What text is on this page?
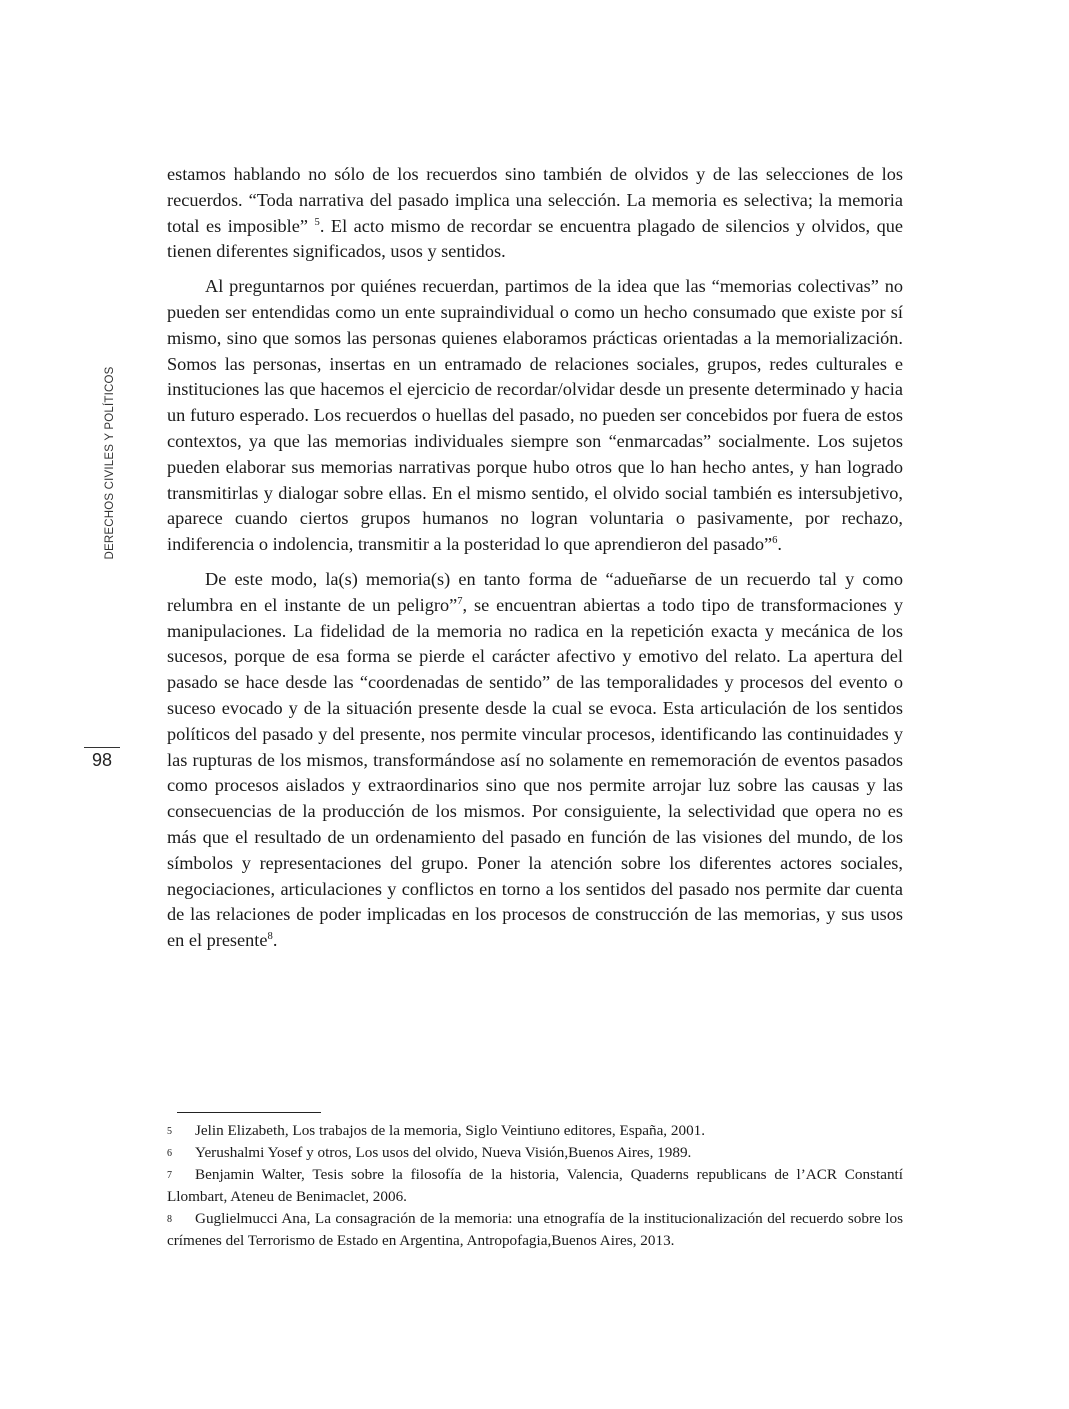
DERECHOS CIVILES Y POLÍTICOS
98

estamos hablando no sólo de los recuerdos sino también de olvidos y de las selecciones de los recuerdos. “Toda narrativa del pasado implica una selección. La memoria es selectiva; la memoria total es imposible” $^5$. El acto mismo de recordar se encuentra plagado de silencios y olvidos, que tienen diferentes significados, usos y sentidos.

Al preguntarnos por quiénes recuerdan, partimos de la idea que las “memorias colectivas” no pueden ser entendidas como un ente supraindividual o como un hecho consumado que existe por sí mismo, sino que somos las personas quienes elaboramos prácticas orientadas a la memorialización. Somos las personas, insertas en un entramado de relaciones sociales, grupos, redes culturales e instituciones las que hacemos el ejercicio de recordar/olvidar desde un presente determinado y hacia un futuro esperado. Los recuerdos o huellas del pasado, no pueden ser concebidos por fuera de estos contextos, ya que las memorias individuales siempre son “enmarcadas” socialmente. Los sujetos pueden elaborar sus memorias narrativas porque hubo otros que lo han hecho antes, y han logrado transmitirlas y dialogar sobre ellas. En el mismo sentido, el olvido social también es intersubjetivo, aparece cuando ciertos grupos humanos no logran voluntaria o pasivamente, por rechazo, indiferencia o indolencia, transmitir a la posteridad lo que aprendieron del pasado”$^6$.

De este modo, la(s) memoria(s) en tanto forma de “adueñarse de un recuerdo tal y como relumbra en el instante de un peligro”$^7$, se encuentran abiertas a todo tipo de transformaciones y manipulaciones. La fidelidad de la memoria no radica en la repetición exacta y mecánica de los sucesos, porque de esa forma se pierde el carácter afectivo y emotivo del relato. La apertura del pasado se hace desde las “coordenadas de sentido” de las temporalidades y procesos del evento o suceso evocado y de la situación presente desde la cual se evoca. Esta articulación de los sentidos políticos del pasado y del presente, nos permite vincular procesos, identificando las continuidades y las rupturas de los mismos, transformándose así no solamente en rememoración de eventos pasados como procesos aislados y extraordinarios sino que nos permite arrojar luz sobre las causas y las consecuencias de la producción de los mismos. Por consiguiente, la selectividad que opera no es más que el resultado de un ordenamiento del pasado en función de las visiones del mundo, de los símbolos y representaciones del grupo. Poner la atención sobre los diferentes actores sociales, negociaciones, articulaciones y conflictos en torno a los sentidos del pasado nos permite dar cuenta de las relaciones de poder implicadas en los procesos de construcción de las memorias, y sus usos en el presente$^8$.

5 Jelin Elizabeth, Los trabajos de la memoria, Siglo Veintiuno editores, España, 2001.

6 Yerushalmi Yosef y otros, Los usos del olvido, Nueva Visión,Buenos Aires, 1989.

7 Benjamin Walter, Tesis sobre la filosofía de la historia, Valencia, Quaderns republicans de l’ACR Constantí Llombart, Ateneu de Benimaclet, 2006.

8 Guglielmucci Ana, La consagración de la memoria: una etnografía de la institucionalización del recuerdo sobre los crímenes del Terrorismo de Estado en Argentina, Antropofagia,Buenos Aires, 2013.
